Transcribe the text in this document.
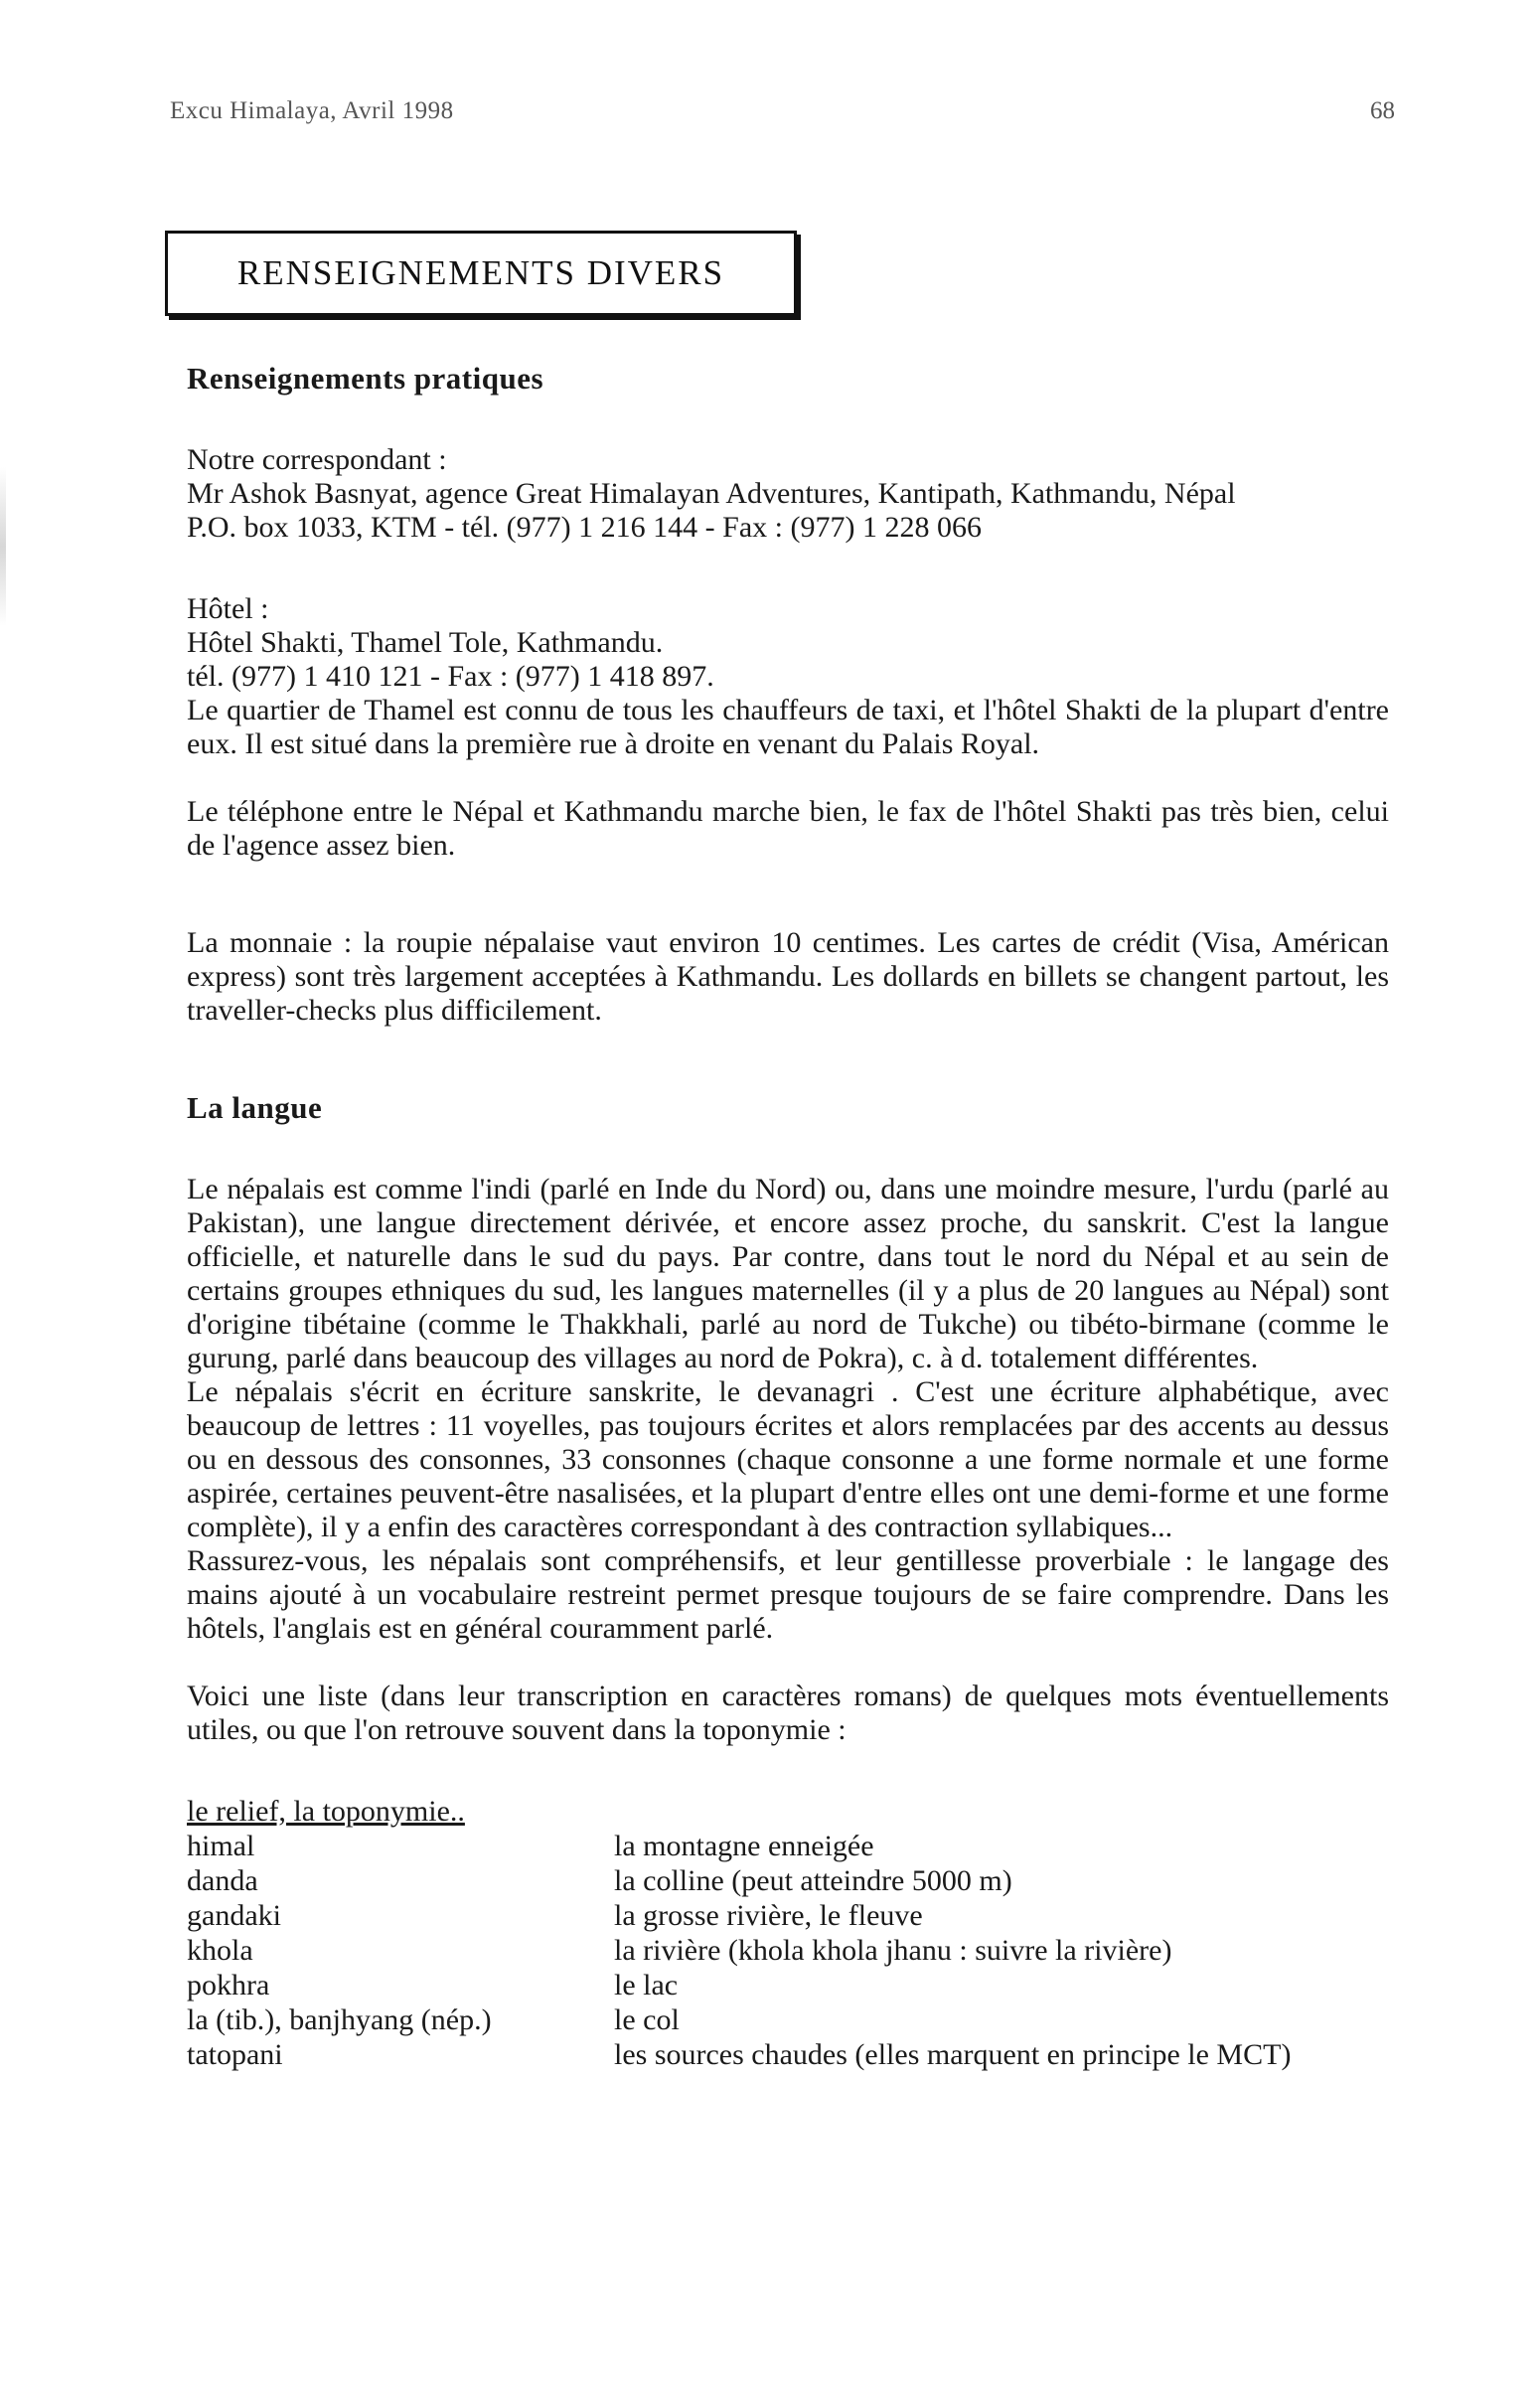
Excu Himalaya, Avril 1998	68
RENSEIGNEMENTS DIVERS

Renseignements pratiques

Notre correspondant :

Mr Ashok Basnyat, agence Great Himalayan Adventures, Kantipath, Kathmandu, Népal

P.O. box 1033, KTM - tél. (977) 1 216 144 - Fax : (977) 1 228 066

Hôtel :

Hôtel Shakti, Thamel Tole, Kathmandu.

tél. (977) 1 410 121 - Fax : (977) 1 418 897.

Le quartier de Thamel est connu de tous les chauffeurs de taxi, et l'hôtel Shakti de la plupart d'entre eux. Il est situé dans la première rue à droite en venant du Palais Royal.

Le téléphone entre le Népal et Kathmandu marche bien, le fax de l'hôtel Shakti pas très bien, celui de l'agence assez bien.

La monnaie : la roupie népalaise vaut environ 10 centimes. Les cartes de crédit (Visa, Américan express) sont très largement acceptées à Kathmandu. Les dollards en billets se changent partout, les traveller-checks plus difficilement.

La langue

Le népalais est comme l'indi (parlé en Inde du Nord) ou, dans une moindre mesure, l'urdu (parlé au Pakistan), une langue directement dérivée, et encore assez proche, du sanskrit. C'est la langue officielle, et naturelle dans le sud du pays. Par contre, dans tout le nord du Népal et au sein de certains groupes ethniques du sud, les langues maternelles (il y a plus de 20 langues au Népal) sont d'origine tibétaine (comme le Thakkhali, parlé au nord de Tukche) ou tibéto-birmane (comme le gurung, parlé dans beaucoup des villages au nord de Pokra), c. à d. totalement différentes.

Le népalais s'écrit en écriture sanskrite, le devanagri . C'est une écriture alphabétique, avec beaucoup de lettres : 11 voyelles, pas toujours écrites et alors remplacées par des accents au dessus ou en dessous des consonnes, 33 consonnes (chaque consonne a une forme normale et une forme aspirée, certaines peuvent-être nasalisées, et la plupart d'entre elles ont une demi-forme et une forme complète), il y a enfin des caractères correspondant à des contraction syllabiques...

Rassurez-vous, les népalais sont compréhensifs, et leur gentillesse proverbiale : le langage des mains ajouté à un vocabulaire restreint permet presque toujours de se faire comprendre. Dans les hôtels, l'anglais est en général couramment parlé.

Voici une liste (dans leur transcription en caractères romans) de quelques mots éventuellements utiles, ou que l'on retrouve souvent dans la toponymie :

le relief, la toponymie..

himal	la montagne enneigée
danda	la colline (peut atteindre 5000 m)
gandaki	la grosse rivière, le fleuve
khola	la rivière (khola khola jhanu : suivre la rivière)
pokhra	le lac
la (tib.), banjhyang (nép.)	le col
tatopani	les sources chaudes (elles marquent en principe le MCT)
